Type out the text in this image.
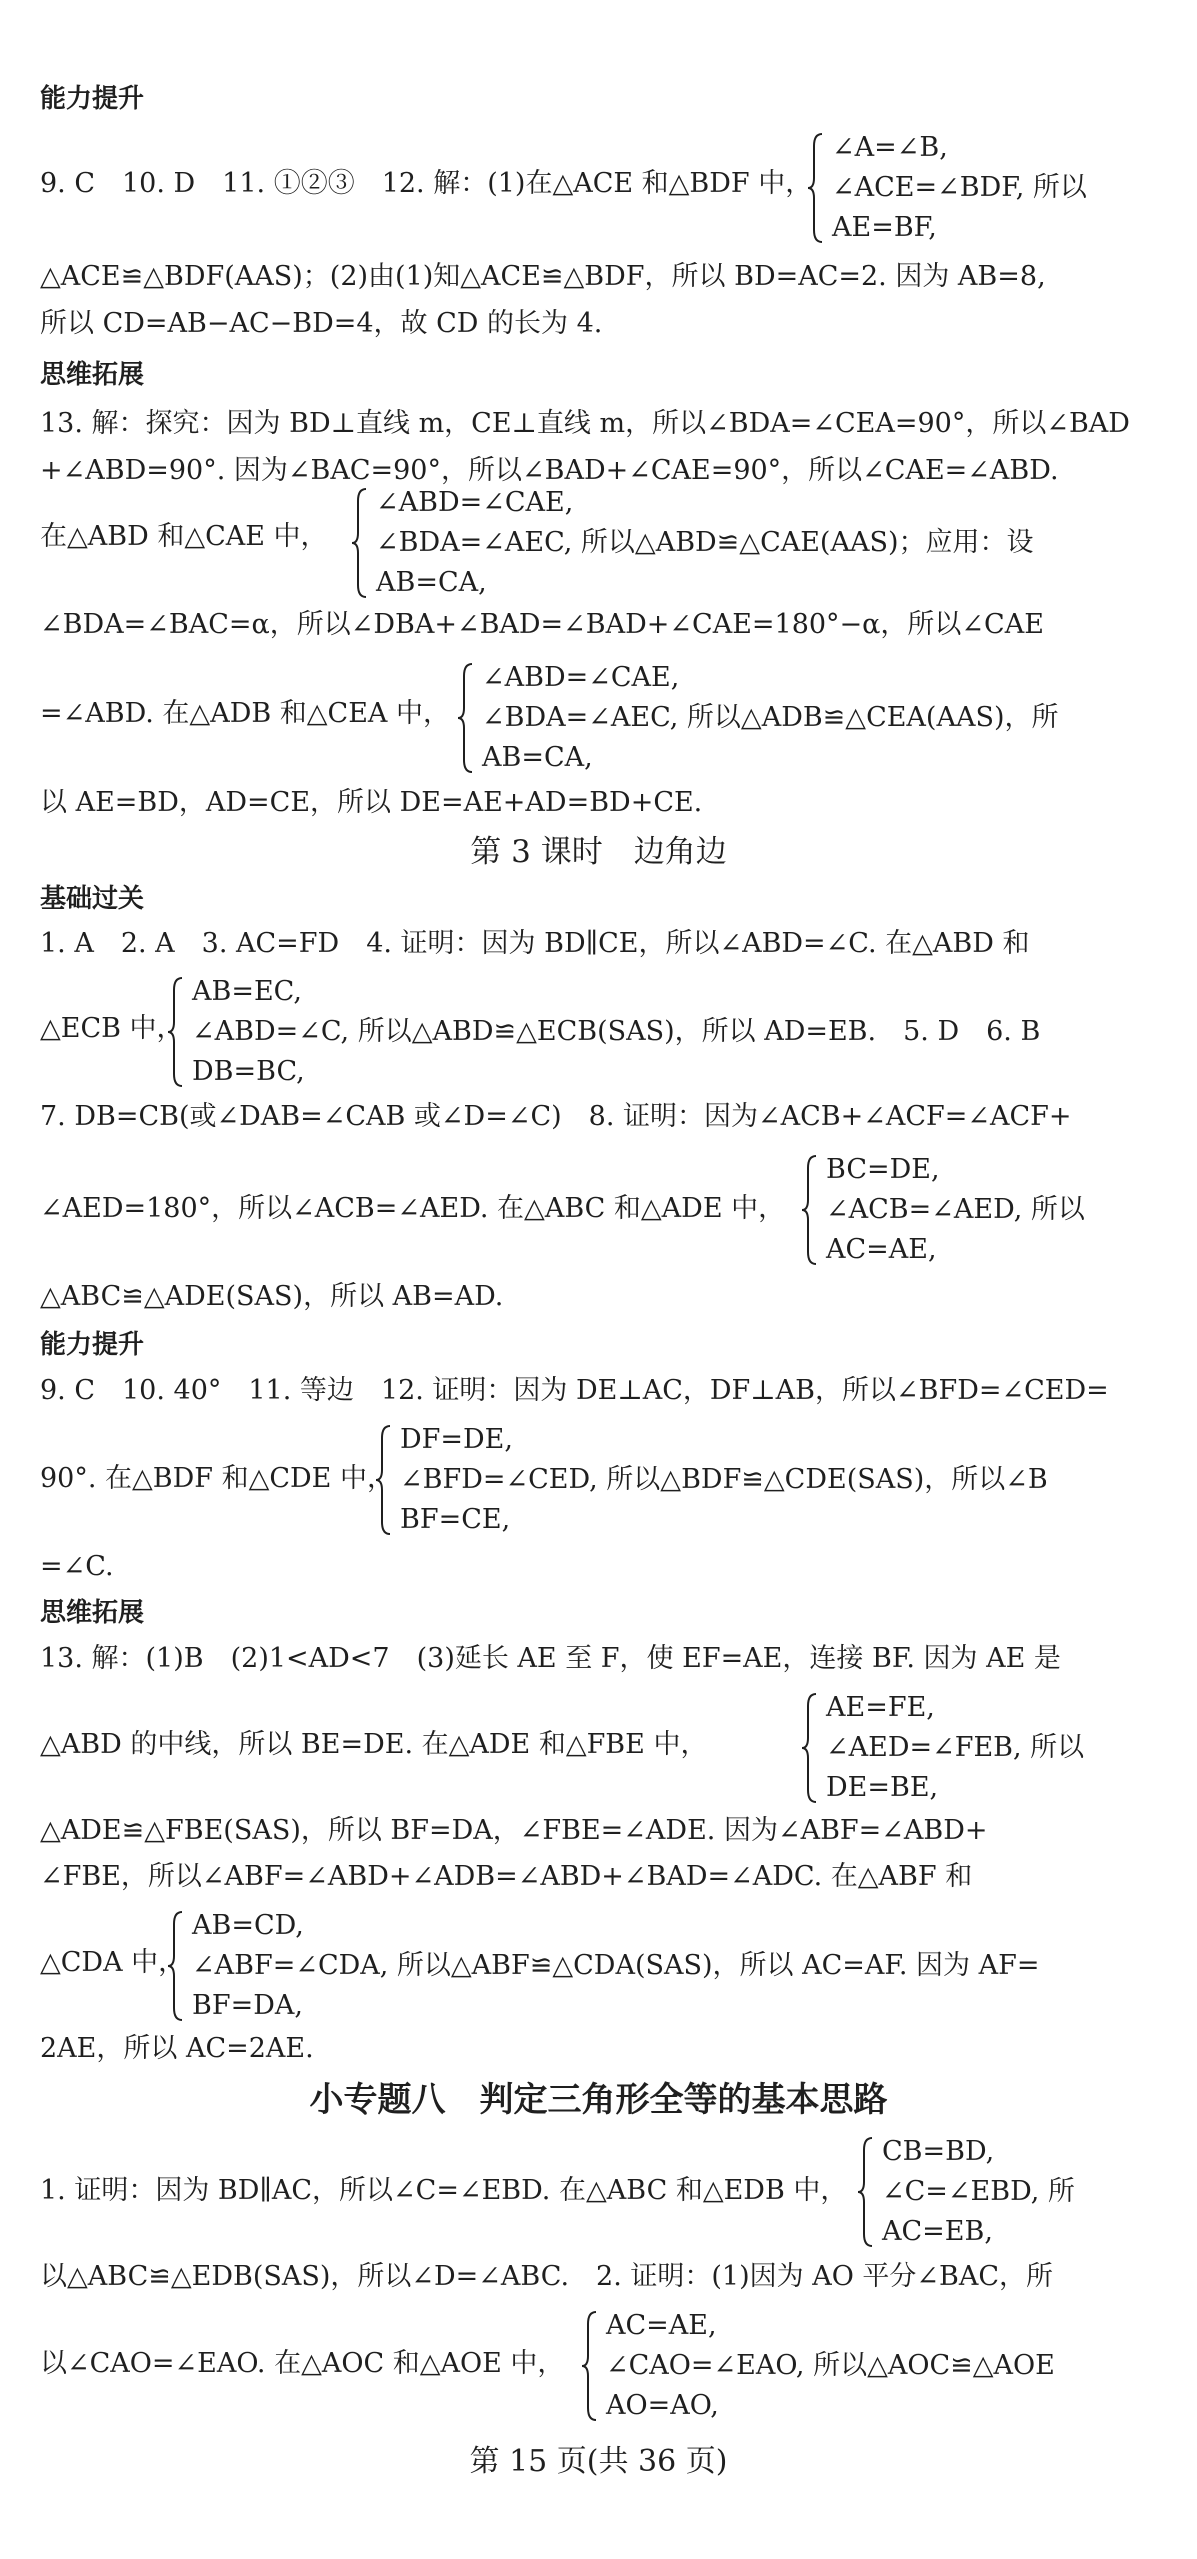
能力提升
9. C　10. D　11. ①②③　12. 解：(1)在△ACE 和△BDF 中，
∠A=∠B,
∠ACE=∠BDF, 所以
AE=BF,
△ACE≌△BDF(AAS)；(2)由(1)知△ACE≌△BDF，所以 BD=AC=2. 因为 AB=8,
所以 CD=AB−AC−BD=4，故 CD 的长为 4.
思维拓展
13. 解：探究：因为 BD⊥直线 m，CE⊥直线 m，所以∠BDA=∠CEA=90°，所以∠BAD
+∠ABD=90°. 因为∠BAC=90°，所以∠BAD+∠CAE=90°，所以∠CAE=∠ABD.
在△ABD 和△CAE 中，
∠ABD=∠CAE,
∠BDA=∠AEC, 所以△ABD≌△CAE(AAS)；应用：设
AB=CA,
∠BDA=∠BAC=α，所以∠DBA+∠BAD=∠BAD+∠CAE=180°−α，所以∠CAE
=∠ABD. 在△ADB 和△CEA 中，
∠ABD=∠CAE,
∠BDA=∠AEC, 所以△ADB≌△CEA(AAS)，所
AB=CA,
以 AE=BD，AD=CE，所以 DE=AE+AD=BD+CE.
第 3 课时　边角边
基础过关
1. A　2. A　3. AC=FD　4. 证明：因为 BD∥CE，所以∠ABD=∠C. 在△ABD 和
△ECB 中，
AB=EC,
∠ABD=∠C, 所以△ABD≌△ECB(SAS)，所以 AD=EB.　5. D　6. B
DB=BC,
7. DB=CB(或∠DAB=∠CAB 或∠D=∠C)　8. 证明：因为∠ACB+∠ACF=∠ACF+
∠AED=180°，所以∠ACB=∠AED. 在△ABC 和△ADE 中，
BC=DE,
∠ACB=∠AED, 所以
AC=AE,
△ABC≌△ADE(SAS)，所以 AB=AD.
能力提升
9. C　10. 40°　11. 等边　12. 证明：因为 DE⊥AC，DF⊥AB，所以∠BFD=∠CED=
90°. 在△BDF 和△CDE 中，
DF=DE,
∠BFD=∠CED, 所以△BDF≌△CDE(SAS)，所以∠B
BF=CE,
=∠C.
思维拓展
13. 解：(1)B　(2)1<AD<7　(3)延长 AE 至 F，使 EF=AE，连接 BF. 因为 AE 是
△ABD 的中线，所以 BE=DE. 在△ADE 和△FBE 中，
AE=FE,
∠AED=∠FEB, 所以
DE=BE,
△ADE≌△FBE(SAS)，所以 BF=DA，∠FBE=∠ADE. 因为∠ABF=∠ABD+
∠FBE，所以∠ABF=∠ABD+∠ADB=∠ABD+∠BAD=∠ADC. 在△ABF 和
△CDA 中，
AB=CD,
∠ABF=∠CDA, 所以△ABF≌△CDA(SAS)，所以 AC=AF. 因为 AF=
BF=DA,
2AE，所以 AC=2AE.
小专题八　判定三角形全等的基本思路
1. 证明：因为 BD∥AC，所以∠C=∠EBD. 在△ABC 和△EDB 中，
CB=BD,
∠C=∠EBD, 所
AC=EB,
以△ABC≌△EDB(SAS)，所以∠D=∠ABC.　2. 证明：(1)因为 AO 平分∠BAC，所
以∠CAO=∠EAO. 在△AOC 和△AOE 中，
AC=AE,
∠CAO=∠EAO, 所以△AOC≌△AOE
AO=AO,
第 15 页(共 36 页)
